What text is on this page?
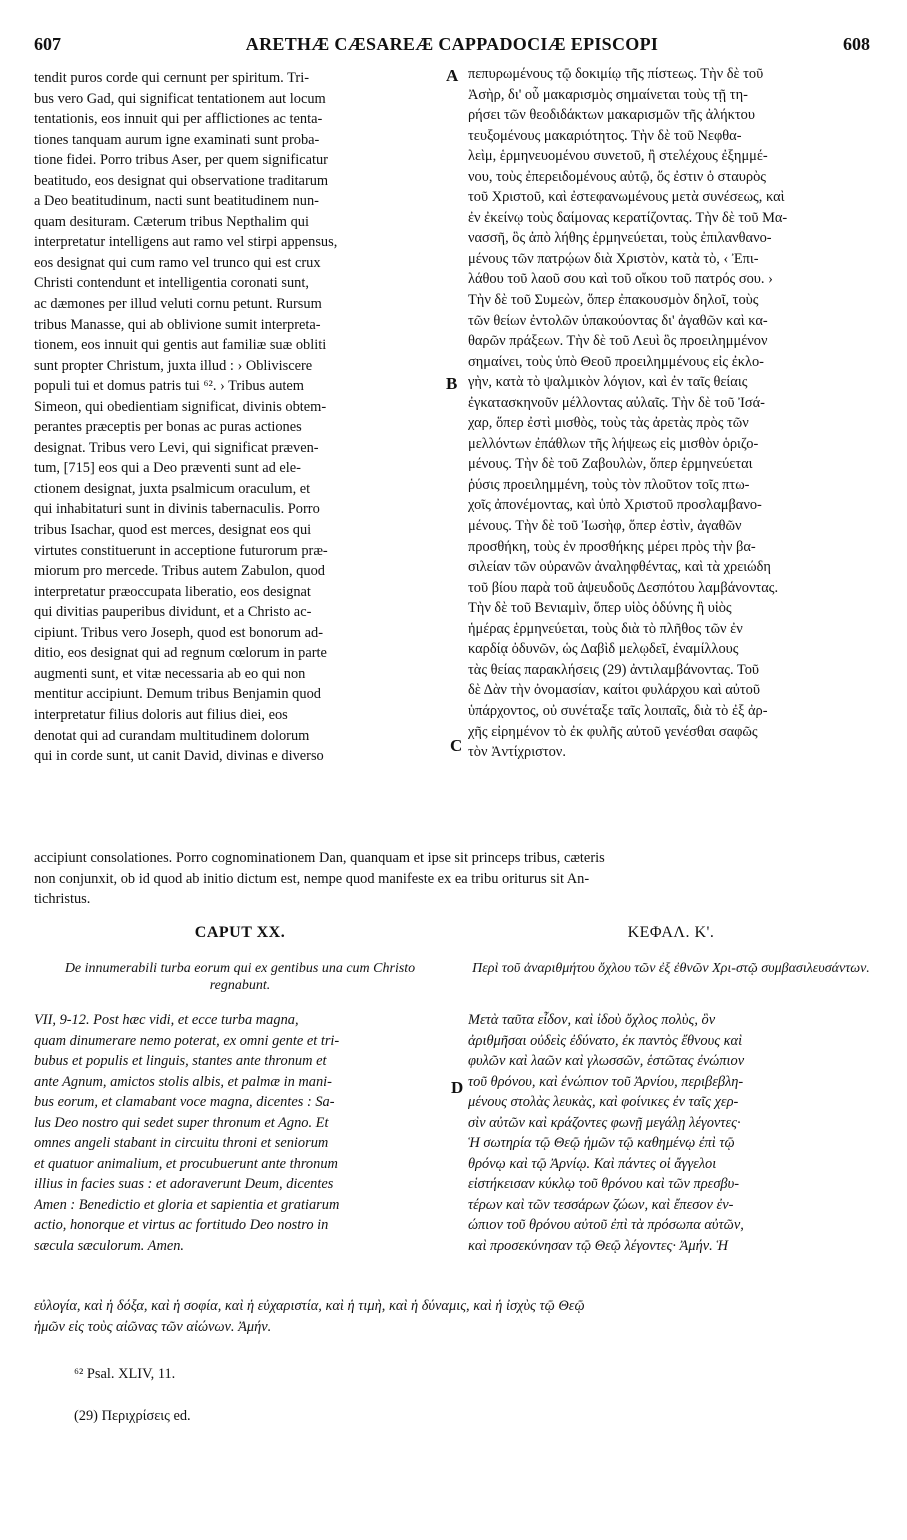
607	ARETHÆ CÆSAREÆ CAPPADOCIÆ EPISCOPI	608
tendit puros corde qui cernunt per spiritum. Tri-
bus vero Gad, qui significat tentationem aut locum
tentationis, eos innuit qui per afflictiones ac tenta-
tiones tanquam aurum igne examinati sunt proba-
tione fidei. Porro tribus Aser, per quem significatur
beatitudo, eos designat qui observatione traditarum
a Deo beatitudinum, nacti sunt beatitudinem nun-
quam desituram. Cæterum tribus Nepthalim qui
interpretatur intelligens aut ramo vel stirpi appensus,
eos designat qui cum ramo vel trunco qui est crux
Christi contendunt et intelligentia coronati sunt,
ac dæmones per illud veluti cornu petunt. Rursum
tribus Manasse, qui ab oblivione sumit interpreta-
tionem, eos innuit qui gentis aut familiæ suæ obliti
sunt propter Christum, juxta illud : › Obliviscere
populi tui et domus patris tui ⁶². › Tribus autem
Simeon, qui obedientiam significat, divinis obtem-
perantes præceptis per bonas ac puras actiones
designat. Tribus vero Levi, qui significat præven-
tum, [715] eos qui a Deo præventi sunt ad ele-
ctionem designat, juxta psalmicum oraculum, et
qui inhabitaturi sunt in divinis tabernaculis. Porro
tribus Isachar, quod est merces, designat eos qui
virtutes constituerunt in acceptione futurorum præ-
miorum pro mercede. Tribus autem Zabulon, quod
interpretatur præoccupata liberatio, eos designat
qui divitias pauperibus dividunt, et a Christo ac-
cipiunt. Tribus vero Joseph, quod est bonorum ad-
ditio, eos designat qui ad regnum cœlorum in parte
augmenti sunt, et vitæ necessaria ab eo qui non
mentitur accipiunt. Demum tribus Benjamin quod
interpretatur filius doloris aut filius diei, eos
denotat qui ad curandam multitudinem dolorum
qui in corde sunt, ut canit David, divinas e diverso
πεπυρωμένους τῷ δοκιμίῳ τῆς πίστεως. Τὴν δὲ τοῦ
Ἀσὴρ, δι' οὗ μακαρισμὸς σημαίνεται τοὺς τῇ τη-
ρήσει τῶν θεοδιδάκτων μακαρισμῶν τῆς ἀλήκτου
τευξομένους μακαριότητος. Τὴν δὲ τοῦ Νεφθα-
λεὶμ, ἑρμηνευομένου συνετοῦ, ἢ στελέχους ἐξημμέ-
νου, τοὺς ἐπερειδομένους αὐτῷ, ὅς ἐστιν ὁ σταυρὸς
τοῦ Χριστοῦ, καὶ ἐστεφανωμένους μετὰ συνέσεως, καὶ
ἐν ἐκείνῳ τοὺς δαίμονας κερατίζοντας. Τὴν δὲ τοῦ Μα-
νασσῆ, ὃς ἀπὸ λήθης ἑρμηνεύεται, τοὺς ἐπιλανθανο-
μένους τῶν πατρῴων διὰ Χριστὸν, κατὰ τὸ, ‹ Ἐπι-
λάθου τοῦ λαοῦ σου καὶ τοῦ οἴκου τοῦ πατρός σου. ›
Τὴν δὲ τοῦ Συμεὼν, ὅπερ ἐπακουσμὸν δηλοῖ, τοὺς
τῶν θείων ἐντολῶν ὑπακούοντας δι' ἀγαθῶν καὶ κα-
θαρῶν πράξεων. Τὴν δὲ τοῦ Λευὶ ὃς προειλημμένον
σημαίνει, τοὺς ὑπὸ Θεοῦ προειλημμένους εἰς ἐκλο-
γὴν, κατὰ τὸ ψαλμικὸν λόγιον, καὶ ἐν ταῖς θείαις
ἐγκατασκηνοῦν μέλλοντας αὐλαῖς. Τὴν δὲ τοῦ Ἰσά-
χαρ, ὅπερ ἐστὶ μισθὸς, τοὺς τὰς ἀρετὰς πρὸς τῶν
μελλόντων ἐπάθλων τῆς λήψεως εἰς μισθὸν ὁριζο-
μένους. Τὴν δὲ τοῦ Ζαβουλὼν, ὅπερ ἑρμηνεύεται
ῥύσις προειλημμένη, τοὺς τὸν πλοῦτον τοῖς πτω-
χοῖς ἀπονέμοντας, καὶ ὑπὸ Χριστοῦ προσλαμβανο-
μένους. Τὴν δὲ τοῦ Ἰωσὴφ, ὅπερ ἐστὶν, ἀγαθῶν
προσθήκη, τοὺς ἐν προσθήκης μέρει πρὸς τὴν βα-
σιλείαν τῶν οὐρανῶν ἀναληφθέντας, καὶ τὰ χρειώδη
τοῦ βίου παρὰ τοῦ ἀψευδοῦς Δεσπότου λαμβάνοντας.
Τὴν δὲ τοῦ Βενιαμὶν, ὅπερ υἱὸς ὀδύνης ἢ υἱὸς
ἡμέρας ἑρμηνεύεται, τοὺς διὰ τὸ πλῆθος τῶν ἐν
καρδίᾳ ὀδυνῶν, ὡς Δαβὶδ μελῳδεῖ, ἐναμίλλους
τὰς θείας παρακλήσεις (29) ἀντιλαμβάνοντας. Τοῦ
δὲ Δὰν τὴν ὀνομασίαν, καίτοι φυλάρχου καὶ αὐτοῦ
ὑπάρχοντος, οὐ συνέταξε ταῖς λοιπαῖς, διὰ τὸ ἐξ ἀρ-
χῆς εἰρημένον τὸ ἐκ φυλῆς αὐτοῦ γενέσθαι σαφῶς
τὸν Ἀντίχριστον.
A
B
C
D
accipiunt consolationes. Porro cognominationem Dan, quanquam et ipse sit princeps tribus, cæteris
non conjunxit, ob id quod ab initio dictum est, nempe quod manifeste ex ea tribu oriturus sit An-
tichristus.
CAPUT XX.	ΚΕΦΑΛ. Κ'.
De innumerabili turba eorum qui ex gentibus una cum Christo regnabunt.
Περὶ τοῦ ἀναριθμήτου ὄχλου τῶν ἐξ ἐθνῶν Χρι-στῷ συμβασιλευσάντων.
VII, 9-12. Post hæc vidi, et ecce turba magna,
quam dinumerare nemo poterat, ex omni gente et tri-
bubus et populis et linguis, stantes ante thronum et
ante Agnum, amictos stolis albis, et palmæ in mani-
bus eorum, et clamabant voce magna, dicentes : Sa-
lus Deo nostro qui sedet super thronum et Agno. Et
omnes angeli stabant in circuitu throni et seniorum
et quatuor animalium, et procubuerunt ante thronum
illius in facies suas : et adoraverunt Deum, dicentes
Amen : Benedictio et gloria et sapientia et gratiarum
actio, honorque et virtus ac fortitudo Deo nostro in
sæcula sæculorum. Amen.
Μετὰ ταῦτα εἶδον, καὶ ἰδοὺ ὄχλος πολὺς, ὃν
ἀριθμῆσαι οὐδεὶς ἐδύνατο, ἐκ παντὸς ἔθνους καὶ
φυλῶν καὶ λαῶν καὶ γλωσσῶν, ἑστῶτας ἐνώπιον
τοῦ θρόνου, καὶ ἐνώπιον τοῦ Ἀρνίου, περιβεβλη-
μένους στολὰς λευκὰς, καὶ φοίνικες ἐν ταῖς χερ-
σὶν αὐτῶν καὶ κράζοντες φωνῇ μεγάλῃ λέγοντες·
Ἡ σωτηρία τῷ Θεῷ ἡμῶν τῷ καθημένῳ ἐπὶ τῷ
θρόνῳ καὶ τῷ Ἀρνίῳ. Καὶ πάντες οἱ ἄγγελοι
εἱστήκεισαν κύκλῳ τοῦ θρόνου καὶ τῶν πρεσβυ-
τέρων καὶ τῶν τεσσάρων ζώων, καὶ ἔπεσον ἐν-
ώπιον τοῦ θρόνου αὐτοῦ ἐπὶ τὰ πρόσωπα αὐτῶν,
καὶ προσεκύνησαν τῷ Θεῷ λέγοντες· Ἀμήν. Ἡ
εὐλογία, καὶ ἡ δόξα, καὶ ἡ σοφία, καὶ ἡ εὐχαριστία, καὶ ἡ τιμὴ, καὶ ἡ δύναμις, καὶ ἡ ἰσχὺς τῷ Θεῷ
ἡμῶν εἰς τοὺς αἰῶνας τῶν αἰώνων. Ἀμήν.
⁶² Psal. XLIV, 11.
(29) Περιχρίσεις ed.
